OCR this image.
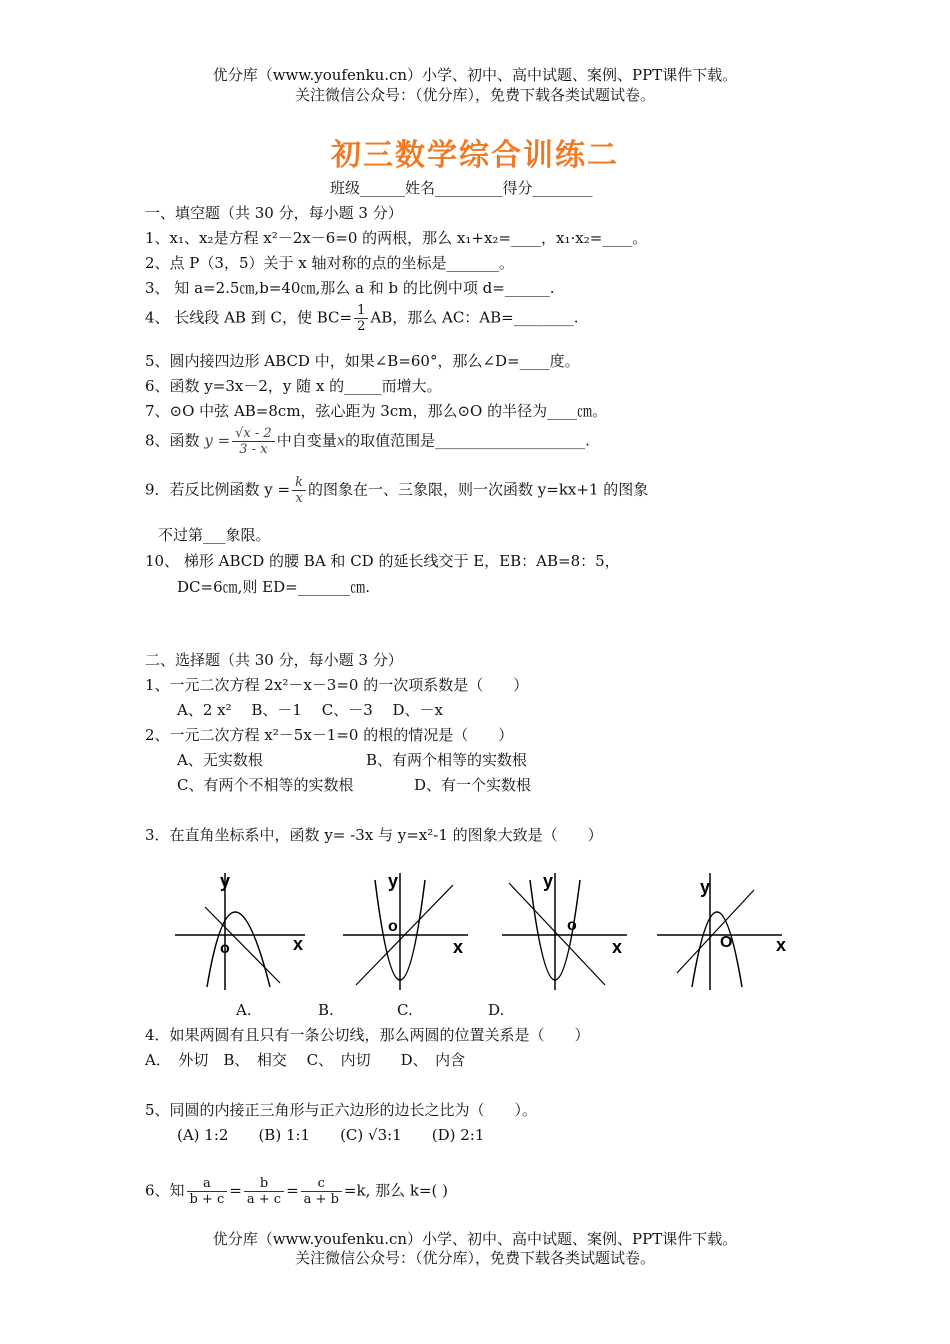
优分库（www.youfenku.cn）小学、初中、高中试题、案例、PPT课件下载。
关注微信公众号：（优分库），免费下载各类试题试卷。
初三数学综合训练二
班级______姓名_________得分________
一、填空题（共 30 分，每小题 3 分）
1、x₁、x₂是方程 x²－2x－6=0 的两根，那么 x₁+x₂=____，x₁·x₂=____。
2、点 P（3，5）关于 x 轴对称的点的坐标是_______。
3、 知 a=2.5㎝,b=40㎝,那么 a 和 b 的比例中项 d=______.
4、 长线段 AB 到 C，使 $BC= \frac{1}{2}$ AB，那么 AC：AB=________.
5、圆内接四边形 ABCD 中，如果∠B=60°，那么∠D=____度。
6、函数 y=3x－2，y 随 x 的_____而增大。
7、⊙O 中弦 AB=8cm，弦心距为 3cm，那么⊙O 的半径为____㎝。
8、函数 $y = \frac{√x - 2}{3 - x}$ 中自变量x的取值范围是____________________.
9．若反比例函数 $y = \frac{k}{x}$ 的图象在一、三象限，则一次函数 y=kx+1 的图象
不过第___象限。
10、 梯形 ABCD 的腰 BA 和 CD 的延长线交于 E，EB：AB=8：5，
DC=6㎝,则 ED=_______㎝.
二、选择题（共 30 分，每小题 3 分）
1、一元二次方程 2x²－x－3=0 的一次项系数是（　　）
A、2 x²　 B、－1　 C、－3　 D、－x
2、一元二次方程 x²－5x－1=0 的根的情况是（　　）
A、无实数根	B、有两个相等的实数根
C、有两个不相等的实数根	D、有一个实数根
3．在直角坐标系中，函数 y= -3x 与 y=x²-1 的图象大致是（　　）
y
x
o
y
x
o
y
x
o
y
x
O
A.	B.	C.	D.
4．如果两圆有且只有一条公切线，那么两圆的位置关系是（　　）
A．　外切　B、　相交　 C、　内切　　D、　内含
5、同圆的内接正三角形与正六边形的边长之比为（　　）。
(A) 1:2　　(B) 1:1　　(C) √3:1　　(D) 2:1
6、知 $\frac{a}{b + c} = \frac{b}{a + c} = \frac{c}{a + b} =k$, 那么 k=( )
优分库（www.youfenku.cn）小学、初中、高中试题、案例、PPT课件下载。
关注微信公众号：（优分库），免费下载各类试题试卷。
